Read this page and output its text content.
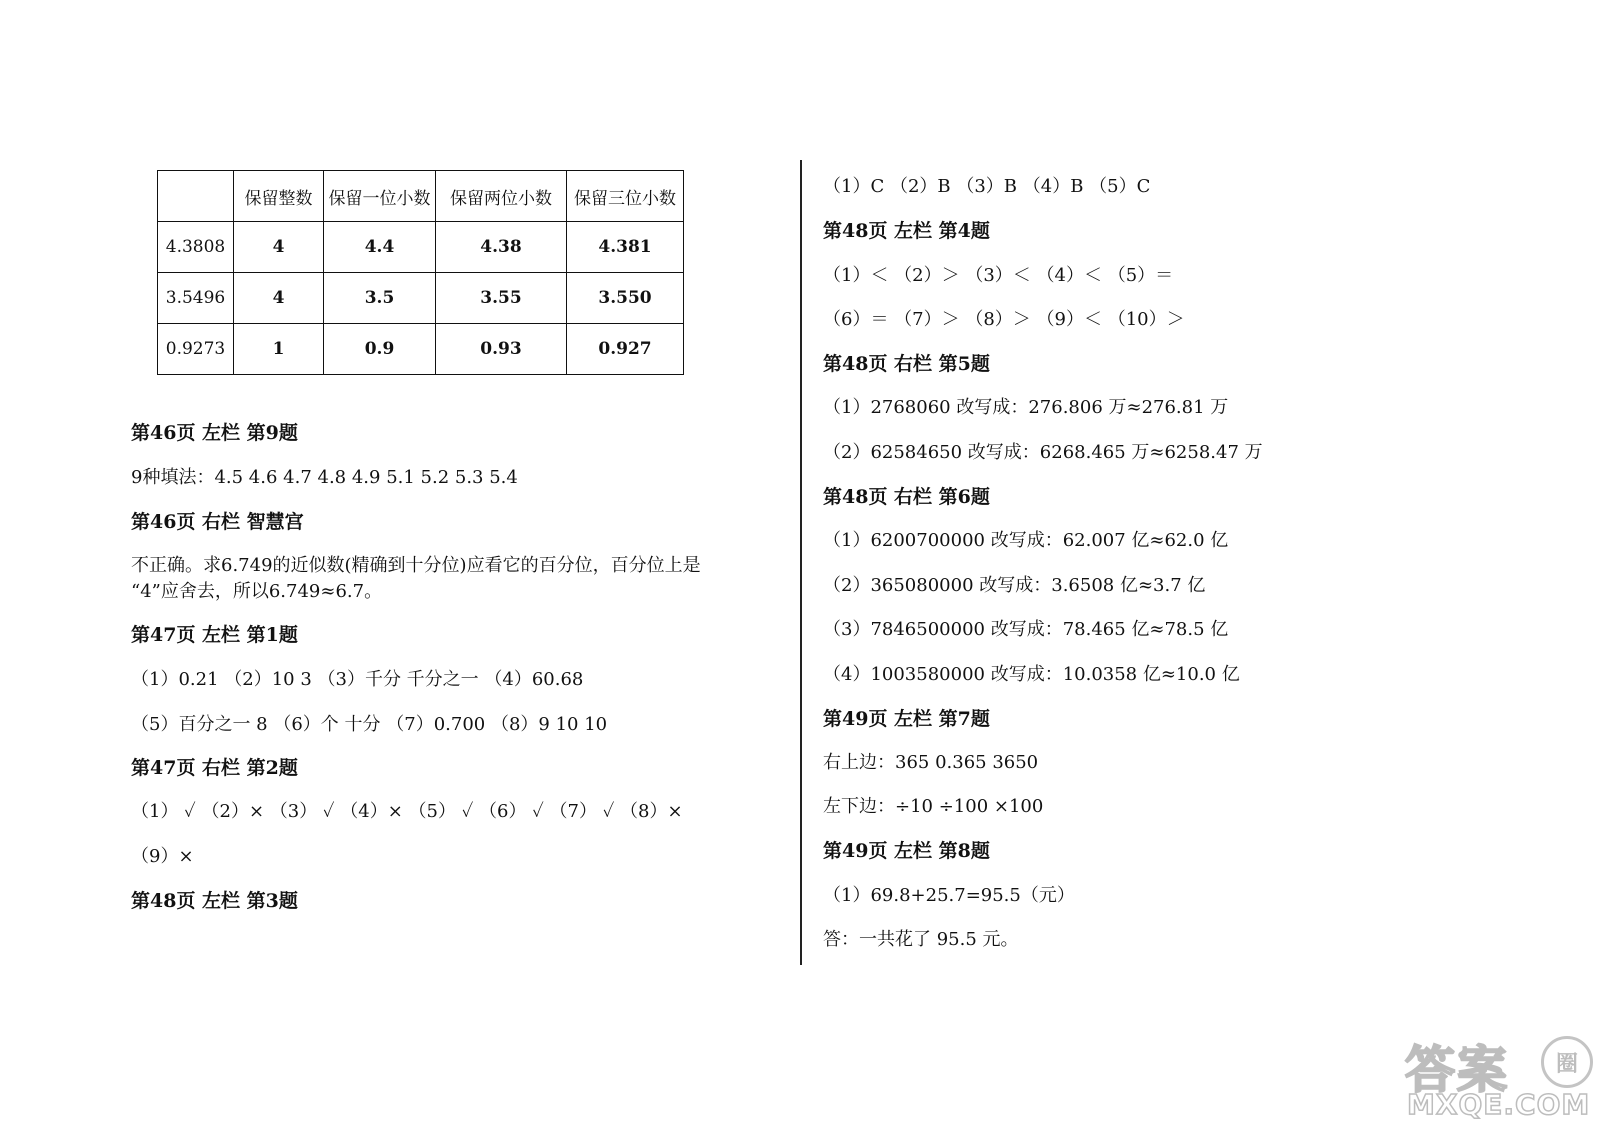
	保留整数	保留一位小数	保留两位小数	保留三位小数
4.3808	4	4.4	4.38	4.381
3.5496	4	3.5	3.55	3.550
0.9273	1	0.9	0.93	0.927
第46页 左栏 第9题
9种填法：4.5 4.6 4.7 4.8 4.9 5.1 5.2 5.3 5.4
第46页 右栏 智慧宫
不正确。求6.749的近似数(精确到十分位)应看它的百分位，百分位上是
“4”应舍去，所以6.749≈6.7。
第47页 左栏 第1题
（1）0.21 （2）10 3 （3）千分 千分之一 （4）60.68
（5）百分之一 8 （6）个 十分 （7）0.700 （8）9 10 10
第47页 右栏 第2题
（1） ✓ （2）× （3） ✓ （4）× （5） ✓ （6） ✓ （7） ✓ （8）×
（9）×
第48页 左栏 第3题
（1）C （2）B （3）B （4）B （5）C
第48页 左栏 第4题
（1）＜ （2）＞ （3）＜ （4）＜ （5）＝
（6）＝ （7）＞ （8）＞ （9）＜ （10）＞
第48页 右栏 第5题
（1）2768060 改写成：276.806 万≈276.81 万
（2）62584650 改写成：6268.465 万≈6258.47 万
第48页 右栏 第6题
（1）6200700000 改写成：62.007 亿≈62.0 亿
（2）365080000 改写成：3.6508 亿≈3.7 亿
（3）7846500000 改写成：78.465 亿≈78.5 亿
（4）1003580000 改写成：10.0358 亿≈10.0 亿
第49页 左栏 第7题
右上边：365 0.365 3650
左下边：÷10 ÷100 ×100
第49页 左栏 第8题
（1）69.8+25.7=95.5（元）
答：一共花了 95.5 元。
答案	圈
MXQE.COM
